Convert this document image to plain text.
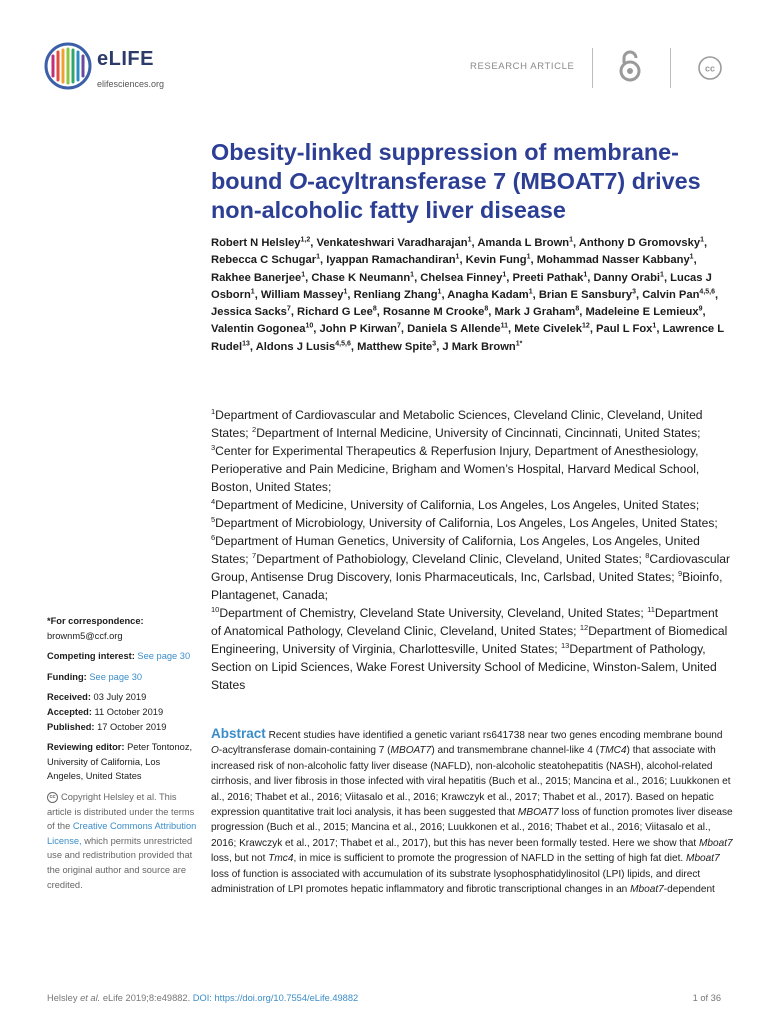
eLIFE
elifesciences.org
RESEARCH ARTICLE	cc
Obesity-linked suppression of membrane-bound O-acyltransferase 7 (MBOAT7) drives non-alcoholic fatty liver disease
Robert N Helsley$^{1,2}$, Venkateshwari Varadharajan$^1$, Amanda L Brown$^1$, Anthony D Gromovsky$^1$, Rebecca C Schugar$^1$, Iyappan Ramachandiran$^1$, Kevin Fung$^1$, Mohammad Nasser Kabbany$^1$, Rakhee Banerjee$^1$, Chase K Neumann$^1$, Chelsea Finney$^1$, Preeti Pathak$^1$, Danny Orabi$^1$, Lucas J Osborn$^1$, William Massey$^1$, Renliang Zhang$^1$, Anagha Kadam$^1$, Brian E Sansbury$^3$, Calvin Pan$^{4,5,6}$, Jessica Sacks$^7$, Richard G Lee$^8$, Rosanne M Crooke$^8$, Mark J Graham$^8$, Madeleine E Lemieux$^9$, Valentin Gogonea$^{10}$, John P Kirwan$^7$, Daniela S Allende$^{11}$, Mete Civelek$^{12}$, Paul L Fox$^1$, Lawrence L Rudel$^{13}$, Aldons J Lusis$^{4,5,6}$, Matthew Spite$^3$, J Mark Brown$^{1*}$
$^1$Department of Cardiovascular and Metabolic Sciences, Cleveland Clinic, Cleveland, United States; $^2$Department of Internal Medicine, University of Cincinnati, Cincinnati, United States; $^3$Center for Experimental Therapeutics & Reperfusion Injury, Department of Anesthesiology, Perioperative and Pain Medicine, Brigham and Women’s Hospital, Harvard Medical School, Boston, United States;
$^4$Department of Medicine, University of California, Los Angeles, Los Angeles, United States; $^5$Department of Microbiology, University of California, Los Angeles, Los Angeles, United States; $^6$Department of Human Genetics, University of California, Los Angeles, Los Angeles, United States; $^7$Department of Pathobiology, Cleveland Clinic, Cleveland, United States; $^8$Cardiovascular Group, Antisense Drug Discovery, Ionis Pharmaceuticals, Inc, Carlsbad, United States; $^9$Bioinfo, Plantagenet, Canada;
$^{10}$Department of Chemistry, Cleveland State University, Cleveland, United States; $^{11}$Department of Anatomical Pathology, Cleveland Clinic, Cleveland, United States; $^{12}$Department of Biomedical Engineering, University of Virginia, Charlottesville, United States; $^{13}$Department of Pathology, Section on Lipid Sciences, Wake Forest University School of Medicine, Winston-Salem, United States

*For correspondence:
brownm5@ccf.org

Competing interest: See page 30

Funding: See page 30

Received: 03 July 2019
Accepted: 11 October 2019
Published: 17 October 2019

Reviewing editor: Peter Tontonoz, University of California, Los Angeles, United States

cc Copyright Helsley et al. This article is distributed under the terms of the Creative Commons Attribution License, which permits unrestricted use and redistribution provided that the original author and source are credited.

Abstract Recent studies have identified a genetic variant rs641738 near two genes encoding membrane bound O-acyltransferase domain-containing 7 (MBOAT7) and transmembrane channel-like 4 (TMC4) that associate with increased risk of non-alcoholic fatty liver disease (NAFLD), non-alcoholic steatohepatitis (NASH), alcohol-related cirrhosis, and liver fibrosis in those infected with viral hepatitis (Buch et al., 2015; Mancina et al., 2016; Luukkonen et al., 2016; Thabet et al., 2016; Viitasalo et al., 2016; Krawczyk et al., 2017; Thabet et al., 2017). Based on hepatic expression quantitative trait loci analysis, it has been suggested that MBOAT7 loss of function promotes liver disease progression (Buch et al., 2015; Mancina et al., 2016; Luukkonen et al., 2016; Thabet et al., 2016; Viitasalo et al., 2016; Krawczyk et al., 2017; Thabet et al., 2017), but this has never been formally tested. Here we show that Mboat7 loss, but not Tmc4, in mice is sufficient to promote the progression of NAFLD in the setting of high fat diet. Mboat7 loss of function is associated with accumulation of its substrate lysophosphatidylinositol (LPI) lipids, and direct administration of LPI promotes hepatic inflammatory and fibrotic transcriptional changes in an Mboat7-dependent
Helsley et al. eLife 2019;8:e49882. DOI: https://doi.org/10.7554/eLife.49882	1 of 36
